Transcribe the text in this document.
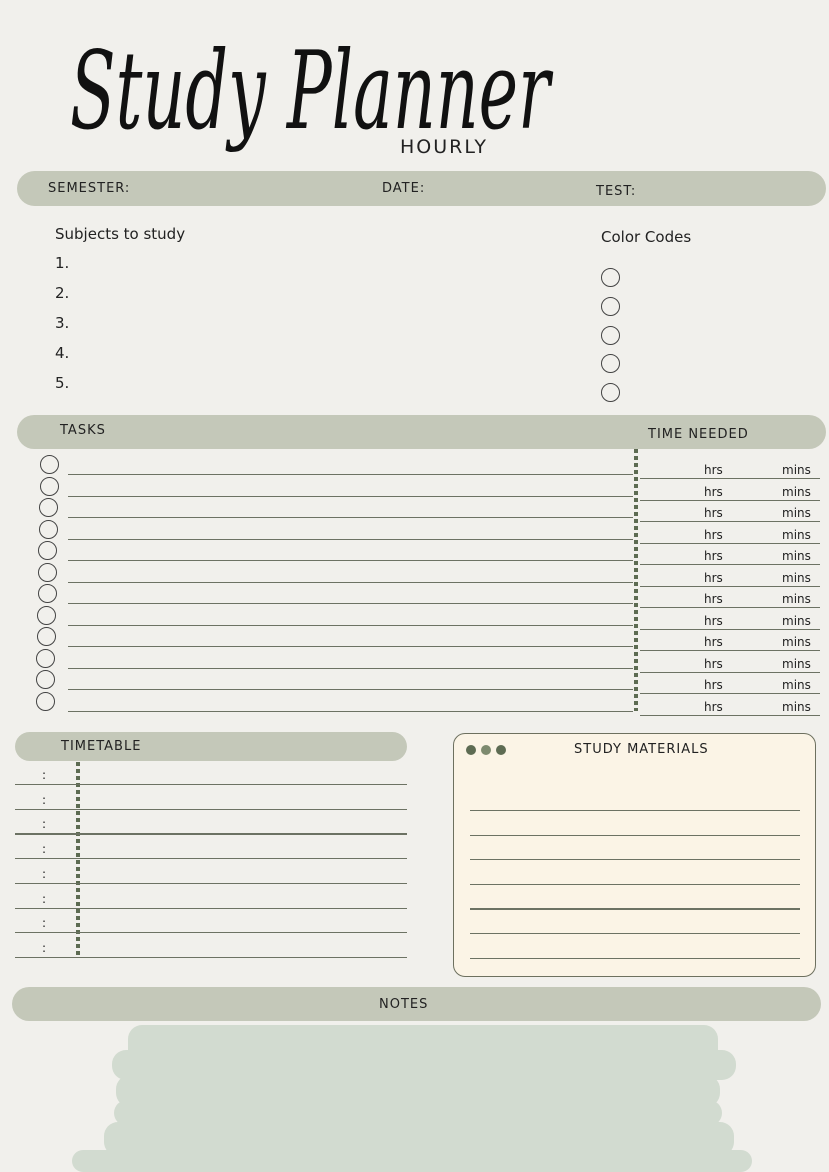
Study Planner
HOURLY
SEMESTER:	DATE:	TEST:
Subjects to study
1.
2.
3.
4.
5.
Color Codes
TASKS	TIME NEEDED
hrs	mins
hrs	mins
hrs	mins
hrs	mins
hrs	mins
hrs	mins
hrs	mins
hrs	mins
hrs	mins
hrs	mins
hrs	mins
hrs	mins
TIMETABLE
:
:
:
:
:
:
:
:
STUDY MATERIALS
NOTES
